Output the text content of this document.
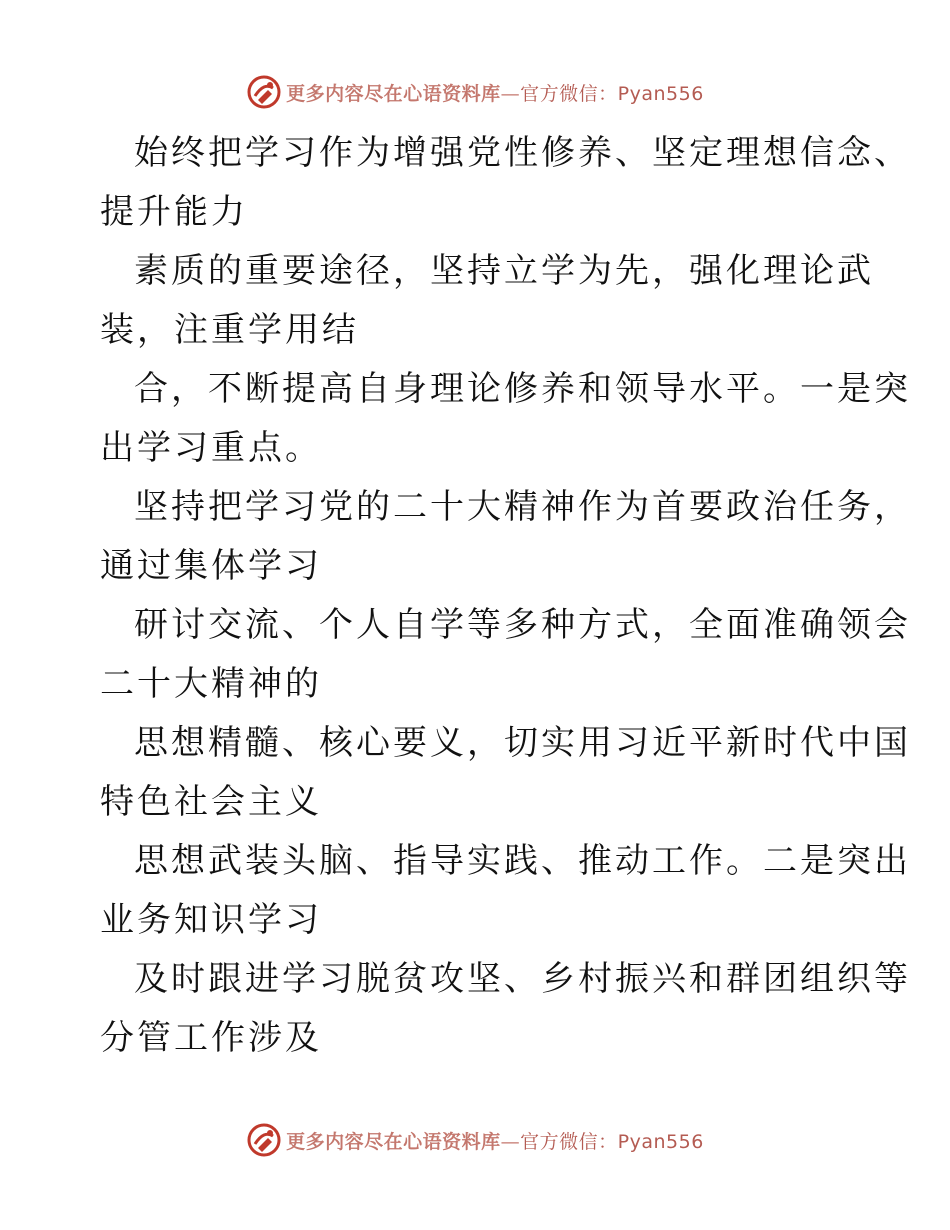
更多内容尽在心语资料库—官方微信：Pyan556
始终把学习作为增强党性修养、坚定理想信念、
提升能力
素质的重要途径，坚持立学为先，强化理论武
装，注重学用结
合，不断提高自身理论修养和领导水平。一是突
出学习重点。
坚持把学习党的二十大精神作为首要政治任务，
通过集体学习
研讨交流、个人自学等多种方式，全面准确领会
二十大精神的
思想精髓、核心要义，切实用习近平新时代中国
特色社会主义
思想武装头脑、指导实践、推动工作。二是突出
业务知识学习
及时跟进学习脱贫攻坚、乡村振兴和群团组织等
分管工作涉及
更多内容尽在心语资料库—官方微信：Pyan556
